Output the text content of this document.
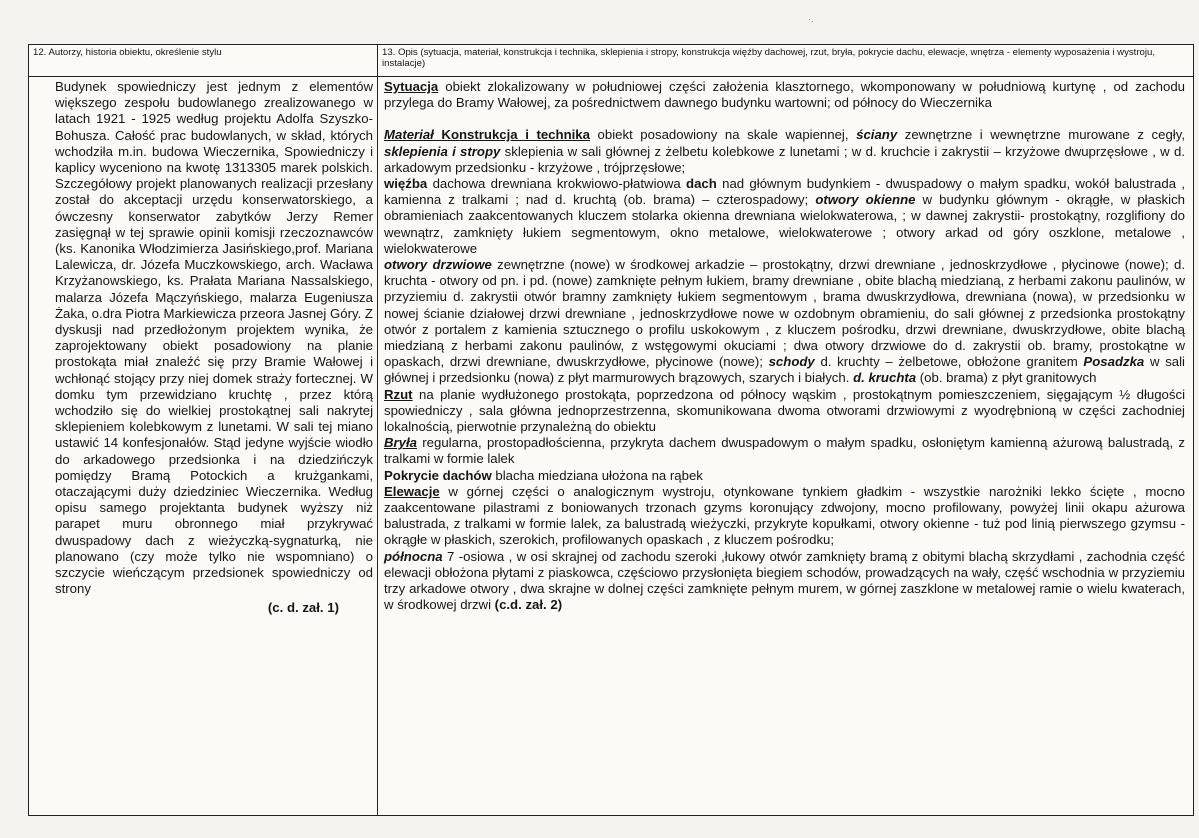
·.
12. Autorzy, historia obiektu, określenie stylu	13. Opis (sytuacja, materiał, konstrukcja i technika, sklepienia i stropy, konstrukcja więźby dachowej, rzut, bryła, pokrycie dachu, elewacje, wnętrza - elementy wyposażenia i wystroju, instalacje)

Budynek spowiedniczy jest jednym z elementów większego zespołu budowlanego zrealizowanego w latach 1921 - 1925 według projektu Adolfa Szyszko-Bohusza. Całość prac budowlanych, w skład, których wchodziła m.in. budowa Wieczernika, Spowiedniczy i kaplicy wyceniono na kwotę 1313305 marek polskich. Szczegółowy projekt planowanych realizacji przesłany został do akceptacji urzędu konserwatorskiego, a ówczesny konserwator zabytków Jerzy Remer zasięgnął w tej sprawie opinii komisji rzeczoznawców (ks. Kanonika Włodzimierza Jasińskiego,prof. Mariana Lalewicza, dr. Józefa Muczkowskiego, arch. Wacława Krzyżanowskiego, ks. Prałata Mariana Nassalskiego, malarza Józefa Mączyńskiego, malarza Eugeniusza Żaka, o.dra Piotra Markiewicza przeora Jasnej Góry. Z dyskusji nad przedłożonym projektem wynika, że zaprojektowany obiekt posadowiony na planie prostokąta miał znaleźć się przy Bramie Wałowej i wchłonąć stojący przy niej domek straży fortecznej. W domku tym przewidziano kruchtę , przez którą wchodziło się do wielkiej prostokątnej sali nakrytej sklepieniem kolebkowym z lunetami. W sali tej miano ustawić 14 konfesjonałów. Stąd jedyne wyjście wiodło do arkadowego przedsionka i na dziedzińczyk pomiędzy Bramą Potockich a krużgankami, otaczającymi duży dziedziniec Wieczernika. Według opisu samego projektanta budynek wyższy niż parapet muru obronnego miał przykrywać dwuspadowy dach z wieżyczką-sygnaturką, nie planowano (czy może tylko nie wspomniano) o szczycie wieńczącym przedsionek spowiedniczy od strony

(c. d. zał. 1)

Sytuacja obiekt zlokalizowany w południowej części założenia klasztornego, wkomponowany w południową kurtynę , od zachodu przylega do Bramy Wałowej, za pośrednictwem dawnego budynku wartowni; od północy do Wieczernika

Materiał Konstrukcja i technika obiekt posadowiony na skale wapiennej, ściany zewnętrzne i wewnętrzne murowane z cegły, sklepienia i stropy sklepienia w sali głównej z żelbetu kolebkowe z lunetami ; w d. kruchcie i zakrystii – krzyżowe dwuprzęsłowe , w d. arkadowym przedsionku - krzyżowe , trójprzęsłowe;

więźba dachowa drewniana krokwiowo-płatwiowa dach nad głównym budynkiem - dwuspadowy o małym spadku, wokół balustrada , kamienna z tralkami ; nad d. kruchtą (ob. brama) – czterospadowy; otwory okienne w budynku głównym - okrągłe, w płaskich obramieniach zaakcentowanych kluczem stolarka okienna drewniana wielokwaterowa, ; w dawnej zakrystii- prostokątny, rozglifiony do wewnątrz, zamknięty łukiem segmentowym, okno metalowe, wielokwaterowe ; otwory arkad od góry oszklone, metalowe , wielokwaterowe

otwory drzwiowe zewnętrzne (nowe) w środkowej arkadzie – prostokątny, drzwi drewniane , jednoskrzydłowe , płycinowe (nowe); d. kruchta - otwory od pn. i pd. (nowe) zamknięte pełnym łukiem, bramy drewniane , obite blachą miedzianą, z herbami zakonu paulinów, w przyziemiu d. zakrystii otwór bramny zamknięty łukiem segmentowym , brama dwuskrzydłowa, drewniana (nowa), w przedsionku w nowej ścianie działowej drzwi drewniane , jednoskrzydłowe nowe w ozdobnym obramieniu, do sali głównej z przedsionka prostokątny otwór z portalem z kamienia sztucznego o profilu uskokowym , z kluczem pośrodku, drzwi drewniane, dwuskrzydłowe, obite blachą miedzianą z herbami zakonu paulinów, z wstęgowymi okuciami ; dwa otwory drzwiowe do d. zakrystii ob. bramy, prostokątne w opaskach, drzwi drewniane, dwuskrzydłowe, płycinowe (nowe); schody d. kruchty – żelbetowe, obłożone granitem Posadzka w sali głównej i przedsionku (nowa) z płyt marmurowych brązowych, szarych i białych. d. kruchta (ob. brama) z płyt granitowych

Rzut na planie wydłużonego prostokąta, poprzedzona od północy wąskim , prostokątnym pomieszczeniem, sięgającym ½ długości spowiedniczy , sala główna jednoprzestrzenna, skomunikowana dwoma otworami drzwiowymi z wyodrębnioną w części zachodniej lokalnością, pierwotnie przynależną do obiektu

Bryła regularna, prostopadłościenna, przykryta dachem dwuspadowym o małym spadku, osłoniętym kamienną ażurową balustradą, z tralkami w formie lalek

Pokrycie dachów blacha miedziana ułożona na rąbek

Elewacje w górnej części o analogicznym wystroju, otynkowane tynkiem gładkim - wszystkie narożniki lekko ścięte , mocno zaakcentowane pilastrami z boniowanych trzonach gzyms koronujący zdwojony, mocno profilowany, powyżej linii okapu ażurowa balustrada, z tralkami w formie lalek, za balustradą wieżyczki, przykryte kopułkami, otwory okienne - tuż pod linią pierwszego gzymsu - okrągłe w płaskich, szerokich, profilowanych opaskach , z kluczem pośrodku;

północna 7 -osiowa , w osi skrajnej od zachodu szeroki ,łukowy otwór zamknięty bramą z obitymi blachą skrzydłami , zachodnia część elewacji obłożona płytami z piaskowca, częściowo przysłonięta biegiem schodów, prowadzących na wały, część wschodnia w przyziemiu trzy arkadowe otwory , dwa skrajne w dolnej części zamknięte pełnym murem, w górnej zaszklone w metalowej ramie o wielu kwaterach, w środkowej drzwi (c.d. zał. 2)
